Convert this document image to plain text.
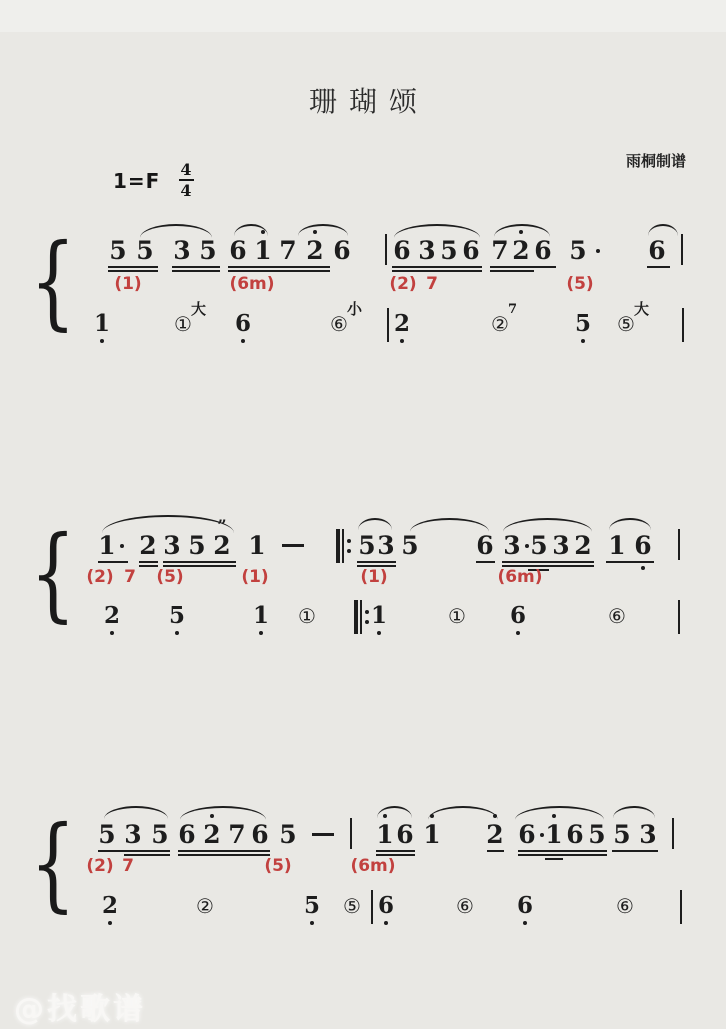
珊瑚颂
雨桐制谱
1=F 4
4
{ 5 5 3 5 6 1 7 2 6 6 3 5 6 7 2 6 5 6
(1)	(6m)	(2) 7	(5)
1	①
大
6	⑥
小
2	②
7
5 ⑤
大
{ 1 2 3 5 2
”
1	5 3 5 6 3 5 3 2 1 6
(2) 7 (5)	(1)	(1)	(6m)
2 5	1 ① 1	① 6	⑥
{ 5 3 5 6 2 7 6 5	1 6 1 2 6 1 6 5 5 3
(2) 7	(5)	(6m)
2	②	5 ⑤ 6	⑥ 6	⑥
@找歌谱
